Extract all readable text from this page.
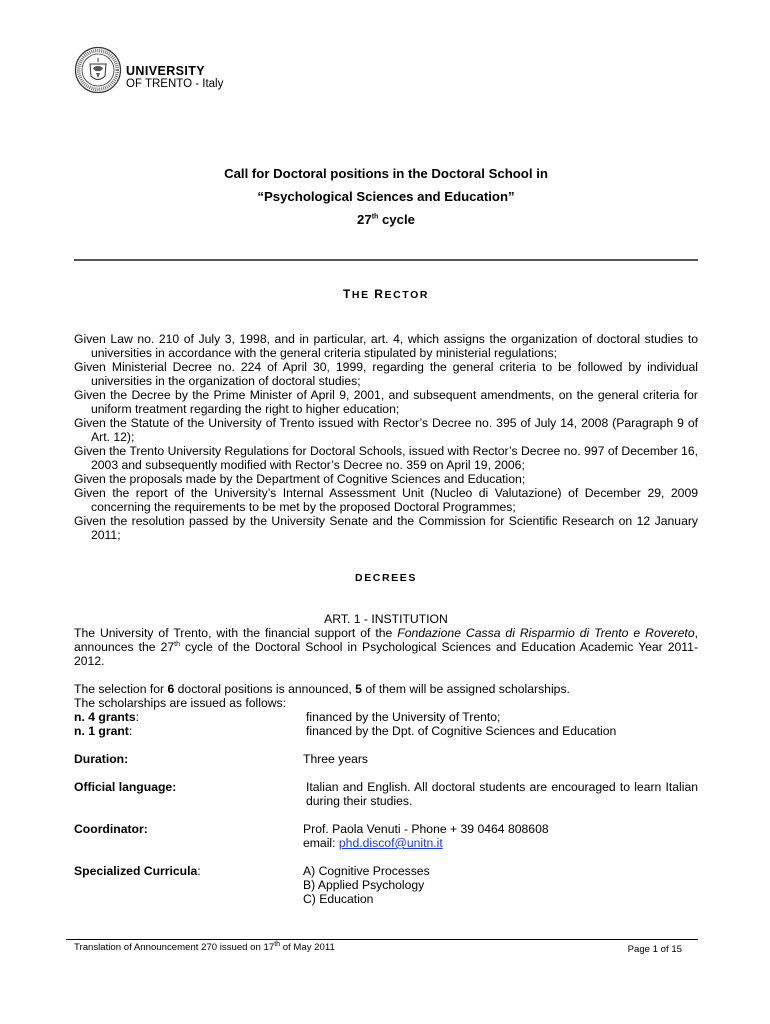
UNIVERSITY
OF TRENTO - Italy
Call for Doctoral positions in the Doctoral School in
“Psychological Sciences and Education”
27th cycle
THE RECTOR
Given Law no. 210 of July 3, 1998, and in particular, art. 4, which assigns the organization of doctoral studies to universities in accordance with the general criteria stipulated by ministerial regulations;
Given Ministerial Decree no. 224 of April 30, 1999, regarding the general criteria to be followed by individual universities in the organization of doctoral studies;
Given the Decree by the Prime Minister of April 9, 2001, and subsequent amendments, on the general criteria for uniform treatment regarding the right to higher education;
Given the Statute of the University of Trento issued with Rector’s Decree no. 395 of July 14, 2008 (Paragraph 9 of Art. 12);
Given the Trento University Regulations for Doctoral Schools, issued with Rector’s Decree no. 997 of December 16, 2003 and subsequently modified with Rector’s Decree no. 359 on April 19, 2006;
Given the proposals made by the Department of Cognitive Sciences and Education;
Given the report of the University’s Internal Assessment Unit (Nucleo di Valutazione) of December 29, 2009 concerning the requirements to be met by the proposed Doctoral Programmes;
Given the resolution passed by the University Senate and the Commission for Scientific Research on 12 January 2011;
DECREES
ART. 1 - INSTITUTION
The University of Trento, with the financial support of the Fondazione Cassa di Risparmio di Trento e Rovereto, announces the 27th cycle of the Doctoral School in Psychological Sciences and Education Academic Year 2011-2012.
The selection for 6 doctoral positions is announced, 5 of them will be assigned scholarships.
The scholarships are issued as follows:
n. 4 grants:	financed by the University of Trento;
n. 1 grant:	financed by the Dpt. of Cognitive Sciences and Education
Duration:	Three years
Official language:	Italian and English. All doctoral students are encouraged to learn Italian during their studies.
Coordinator:	Prof. Paola Venuti - Phone + 39 0464 808608
email: phd.discof@unitn.it
Specialized Curricula:	A) Cognitive Processes
B) Applied Psychology
C) Education
Translation of Announcement 270 issued on 17th of May 2011	Page 1 of 15
